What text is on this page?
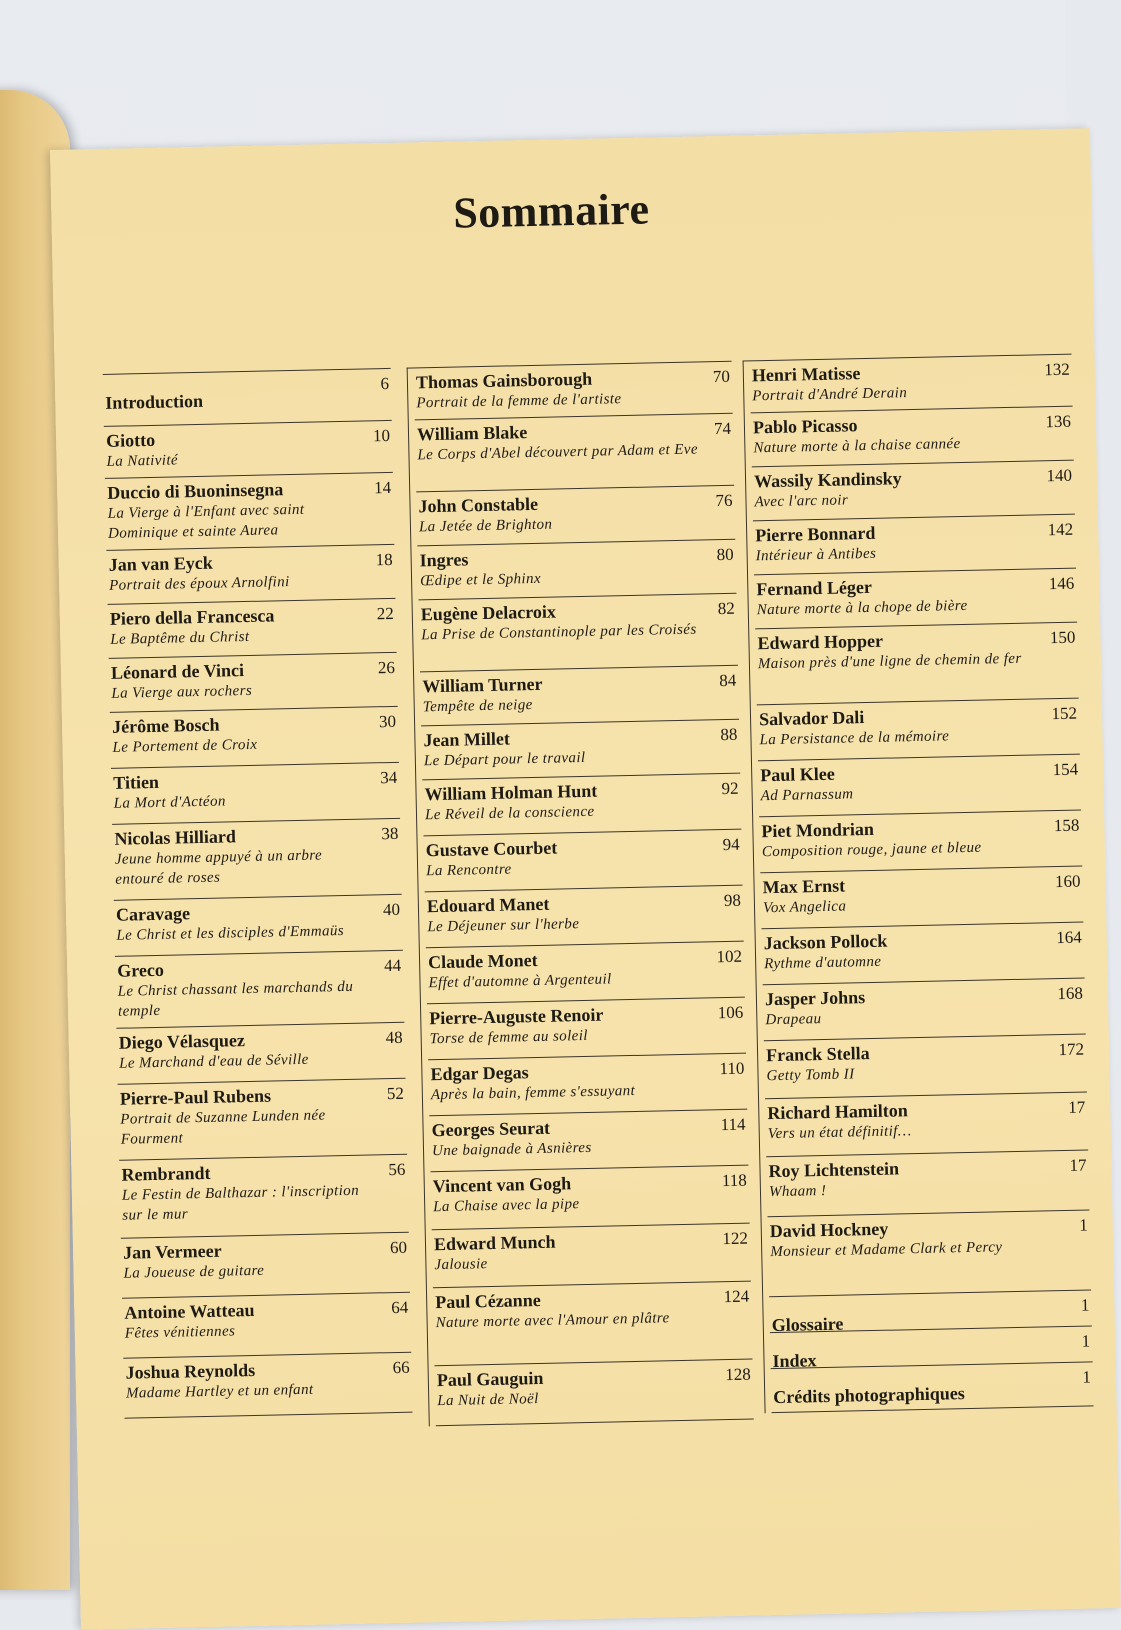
Sommaire
Introduction
6
Giotto
La Nativité
10
Duccio di Buoninsegna
La Vierge à l'Enfant avec saint Dominique et sainte Aurea
14
Jan van Eyck
Portrait des époux Arnolfini
18
Piero della Francesca
Le Baptême du Christ
22
Léonard de Vinci
La Vierge aux rochers
26
Jérôme Bosch
Le Portement de Croix
30
Titien
La Mort d'Actéon
34
Nicolas Hilliard
Jeune homme appuyé à un arbre entouré de roses
38
Caravage
Le Christ et les disciples d'Emmaüs
40
Greco
Le Christ chassant les marchands du temple
44
Diego Vélasquez
Le Marchand d'eau de Séville
48
Pierre-Paul Rubens
Portrait de Suzanne Lunden née Fourment
52
Rembrandt
Le Festin de Balthazar : l'inscription sur le mur
56
Jan Vermeer
La Joueuse de guitare
60
Antoine Watteau
Fêtes vénitiennes
64
Joshua Reynolds
Madame Hartley et un enfant
66
Thomas Gainsborough
Portrait de la femme de l'artiste
70
William Blake
Le Corps d'Abel découvert par Adam et Eve
74
John Constable
La Jetée de Brighton
76
Ingres
Œdipe et le Sphinx
80
Eugène Delacroix
La Prise de Constantinople par les Croisés
82
William Turner
Tempête de neige
84
Jean Millet
Le Départ pour le travail
88
William Holman Hunt
Le Réveil de la conscience
92
Gustave Courbet
La Rencontre
94
Edouard Manet
Le Déjeuner sur l'herbe
98
Claude Monet
Effet d'automne à Argenteuil
102
Pierre-Auguste Renoir
Torse de femme au soleil
106
Edgar Degas
Après la bain, femme s'essuyant
110
Georges Seurat
Une baignade à Asnières
114
Vincent van Gogh
La Chaise avec la pipe
118
Edward Munch
Jalousie
122
Paul Cézanne
Nature morte avec l'Amour en plâtre
124
Paul Gauguin
La Nuit de Noël
128
Henri Matisse
Portrait d'André Derain
132
Pablo Picasso
Nature morte à la chaise cannée
136
Wassily Kandinsky
Avec l'arc noir
140
Pierre Bonnard
Intérieur à Antibes
142
Fernand Léger
Nature morte à la chope de bière
146
Edward Hopper
Maison près d'une ligne de chemin de fer
150
Salvador Dali
La Persistance de la mémoire
152
Paul Klee
Ad Parnassum
154
Piet Mondrian
Composition rouge, jaune et bleue
158
Max Ernst
Vox Angelica
160
Jackson Pollock
Rythme d'automne
164
Jasper Johns
Drapeau
168
Franck Stella
Getty Tomb II
172
Richard Hamilton
Vers un état définitif…
17
Roy Lichtenstein
Whaam !
17
David Hockney
Monsieur et Madame Clark et Percy
1
Glossaire
1
Index
1
Crédits photographiques
1
